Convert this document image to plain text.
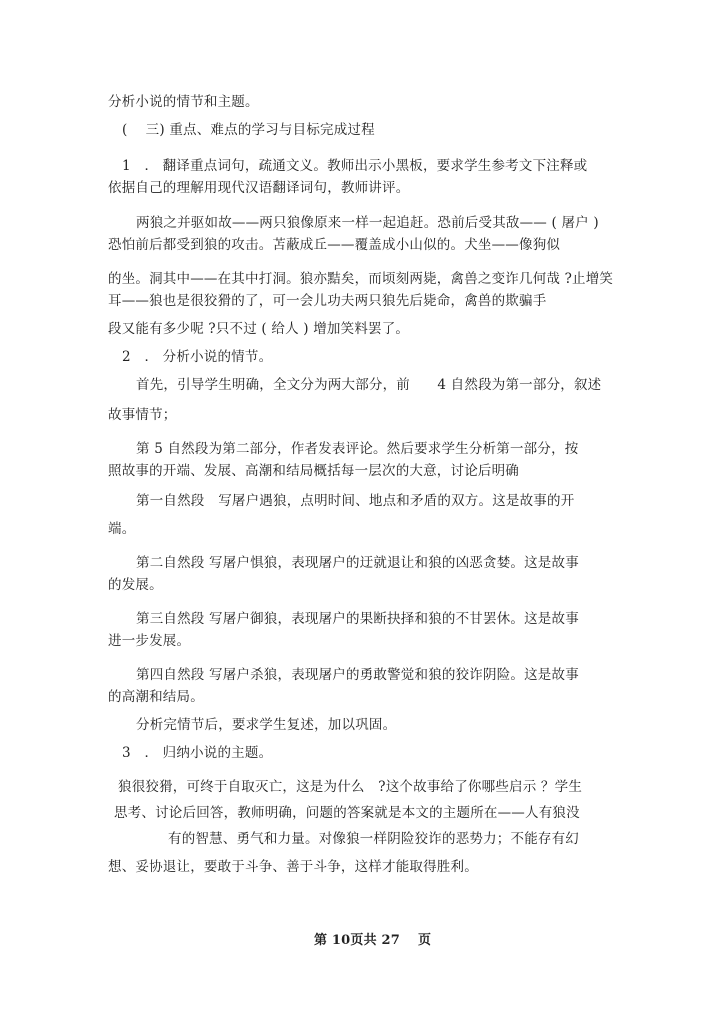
分析小说的情节和主题。
(　 三) 重点、难点的学习与目标完成过程
1　． 翻译重点词句，疏通文义。教师出示小黑板，要求学生参考文下注释或
依据自己的理解用现代汉语翻译词句，教师讲评。
两狼之并驱如故——两只狼像原来一样一起追赶。恐前后受其敌—— ( 屠户 )
恐怕前后都受到狼的攻击。苫蔽成丘——覆盖成小山似的。犬坐——像狗似
的坐。洞其中——在其中打洞。狼亦黠矣，而顷刻两毙，禽兽之变诈几何哉 ?止增笑
耳——狼也是很狡猾的了，可一会儿功夫两只狼先后毙命，禽兽的欺骗手
段又能有多少呢 ?只不过 ( 给人 ) 增加笑料罢了。
2　． 分析小说的情节。
首先，引导学生明确，全文分为两大部分，前　　4 自然段为第一部分，叙述
故事情节；
第 5 自然段为第二部分，作者发表评论。然后要求学生分析第一部分，按
照故事的开端、发展、高潮和结局概括每一层次的大意，讨论后明确
第一自然段　写屠户遇狼，点明时间、地点和矛盾的双方。这是故事的开
端。
第二自然段 写屠户惧狼，表现屠户的迂就退让和狼的凶恶贪婪。这是故事
的发展。
第三自然段 写屠户御狼，表现屠户的果断抉择和狼的不甘罢休。这是故事
进一步发展。
第四自然段 写屠户杀狼，表现屠户的勇敢警觉和狼的狡诈阴险。这是故事
的高潮和结局。
分析完情节后，要求学生复述，加以巩固。
3　． 归纳小说的主题。
狼很狡猾，可终于自取灭亡，这是为什么　?这个故事给了你哪些启示 ？学生
思考、讨论后回答，教师明确，问题的答案就是本文的主题所在——人有狼没
有的智慧、勇气和力量。对像狼一样阴险狡诈的恶势力；不能存有幻
想、妥协退让，要敢于斗争、善于斗争，这样才能取得胜利。
第 10页共 27　 页
